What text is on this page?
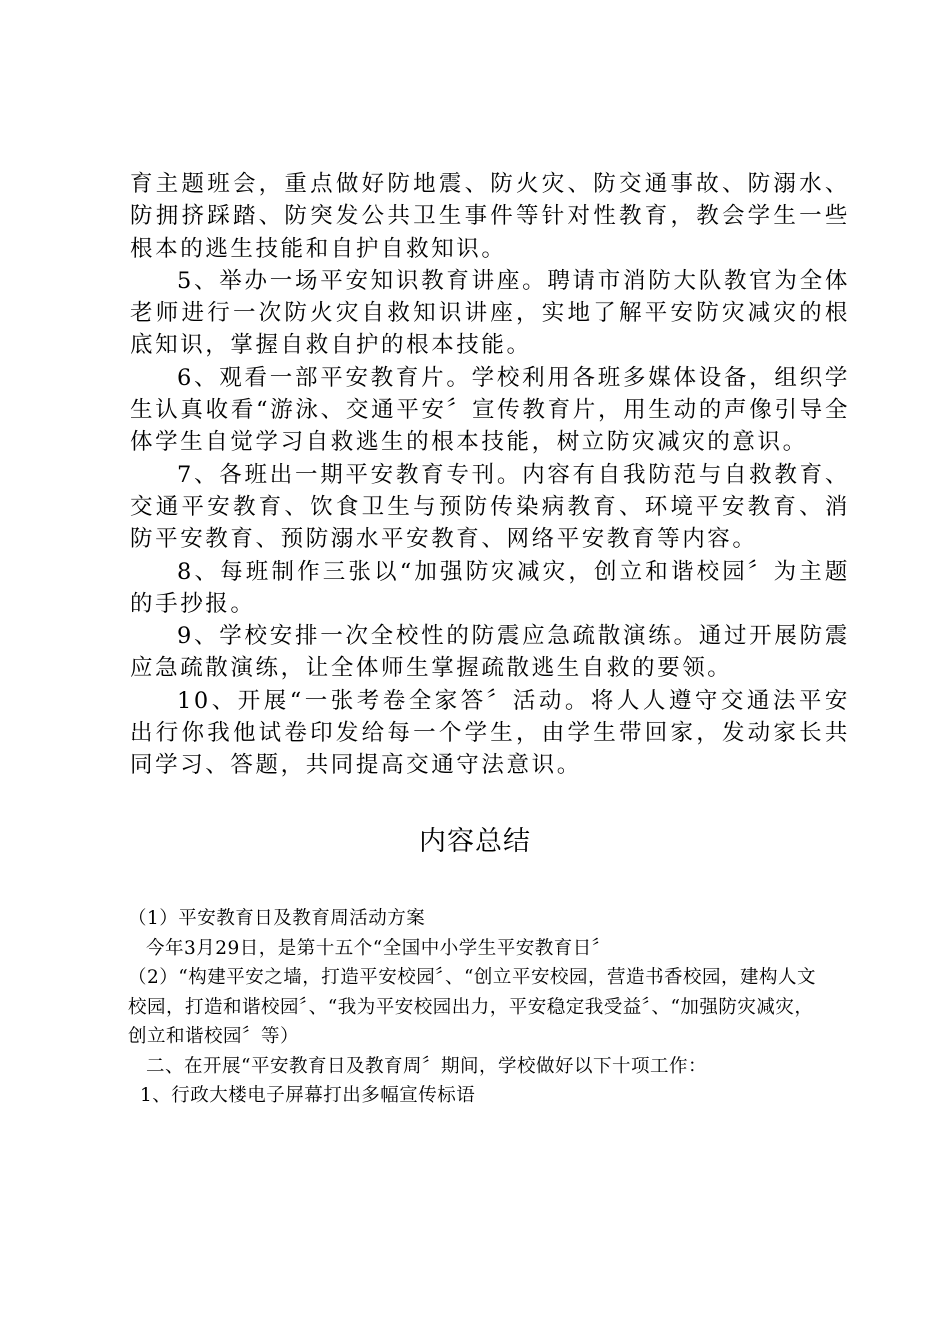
育主题班会，重点做好防地震、防火灾、防交通事故、防溺水、防拥挤踩踏、防突发公共卫生事件等针对性教育，教会学生一些根本的逃生技能和自护自救知识。

5、举办一场平安知识教育讲座。聘请市消防大队教官为全体老师进行一次防火灾自救知识讲座，实地了解平安防灾减灾的根底知识，掌握自救自护的根本技能。

6、观看一部平安教育片。学校利用各班多媒体设备，组织学生认真收看“游泳、交通平安〞宣传教育片，用生动的声像引导全体学生自觉学习自救逃生的根本技能，树立防灾减灾的意识。

7、各班出一期平安教育专刊。内容有自我防范与自救教育、交通平安教育、饮食卫生与预防传染病教育、环境平安教育、消防平安教育、预防溺水平安教育、网络平安教育等内容。

8、每班制作三张以“加强防灾减灾，创立和谐校园〞为主题的手抄报。

9、学校安排一次全校性的防震应急疏散演练。通过开展防震应急疏散演练，让全体师生掌握疏散逃生自救的要领。

10、开展“一张考卷全家答〞活动。将人人遵守交通法平安出行你我他试卷印发给每一个学生，由学生带回家，发动家长共同学习、答题，共同提高交通守法意识。

内容总结

（1）平安教育日及教育周活动方案

今年3月29日，是第十五个“全国中小学生平安教育日〞

（2）“构建平安之墙，打造平安校园〞、“创立平安校园，营造书香校园，建构人文校园，打造和谐校园〞、“我为平安校园出力，平安稳定我受益〞、“加强防灾减灾，创立和谐校园〞等）

二、在开展“平安教育日及教育周〞期间，学校做好以下十项工作：

1、行政大楼电子屏幕打出多幅宣传标语
